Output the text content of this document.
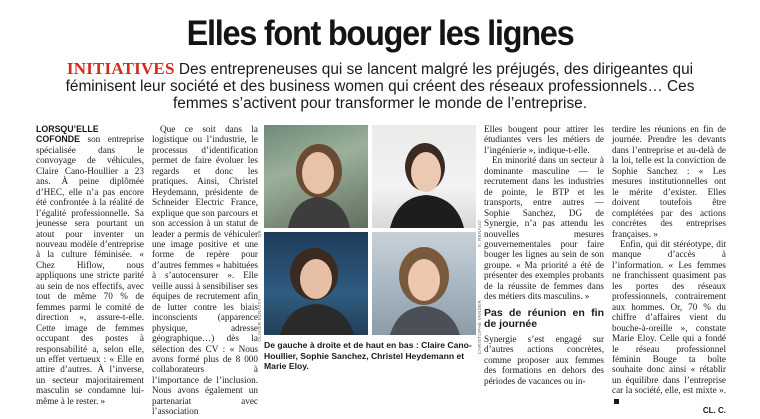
Elles font bouger les lignes
INITIATIVES Des entrepreneuses qui se lancent malgré les préjugés, des dirigeantes qui féminisent leur société et des business women qui créent des réseaux professionnels… Ces femmes s’activent pour transformer le monde de l’entreprise.

LORSQU’ELLE COFONDE son entreprise spécialisée dans le convoyage de véhicules, Claire Cano-Houllier a 23 ans. À peine diplômée d’HEC, elle n’a pas encore été confrontée à la réalité de l’égalité professionnelle. Sa jeunesse sera pourtant un atout pour inventer un nouveau modèle d’entreprise à la culture féminisée. « Chez Hiflow, nous appliquons une stricte parité au sein de nos effectifs, avec tout de même 70 % de femmes parmi le comité de direction », assure-t-elle. Cette image de femmes occupant des postes à responsabilité a, selon elle, un effet vertueux : « Elle en attire d’autres. À l’inverse, un secteur majoritairement masculin se condamne lui-même à le rester. »

Que ce soit dans la logistique ou l’industrie, le processus d’identification permet de faire évoluer les regards et donc les pratiques. Ainsi, Christel Heydemann, présidente de Schneider Electric France, explique que son parcours et son accession à un statut de leader a permis de véhiculer une image positive et une forme de repère pour d’autres femmes « habituées à s’autocensurer ». Elle veille aussi à sensibiliser ses équipes de recrutement afin de lutter contre les biais inconscients (apparence physique, adresse géographique…) dès la sélection des CV : « Nous avons formé plus de 8 000 collaborateurs à l’importance de l’inclusion. Nous avons également un partenariat avec l’association

DR	X. RENAUD
OLIVIER EZRATTY	CHRISTOPHE VANDER
De gauche à droite et de haut en bas : Claire Cano-Houllier, Sophie Sanchez, Christel Heydemann et Marie Eloy.

Elles bougent pour attirer les étudiantes vers les métiers de l’ingénierie », indique-t-elle.

En minorité dans un secteur à dominante masculine — le recrutement dans les industries de pointe, le BTP et les transports, entre autres — Sophie Sanchez, DG de Synergie, n’a pas attendu les nouvelles mesures gouvernementales pour faire bouger les lignes au sein de son groupe. « Ma priorité a été de présenter des exemples probants de la réussite de femmes dans des métiers dits masculins. »

Pas de réunion en fin de journée

Synergie s’est engagé sur d’autres actions concrètes, comme proposer aux femmes des formations en dehors des périodes de vacances ou in-

terdire les réunions en fin de journée. Prendre les devants dans l’entreprise et au-delà de la loi, telle est la conviction de Sophie Sanchez : « Les mesures institutionnelles ont le mérite d’exister. Elles doivent toutefois être complétées par des actions concrètes des entreprises françaises. »

Enfin, qui dit stéréotype, dit manque d’accès à l’information. « Les femmes ne franchissent quasiment pas les portes des réseaux professionnels, contrairement aux hommes. Or, 70 % du chiffre d’affaires vient du bouche-à-oreille », constate Marie Eloy. Celle qui a fondé le réseau professionnel féminin Bouge ta boîte souhaite donc ainsi « rétablir un équilibre dans l’entreprise car la société, elle, est mixte ».

CL. C.
